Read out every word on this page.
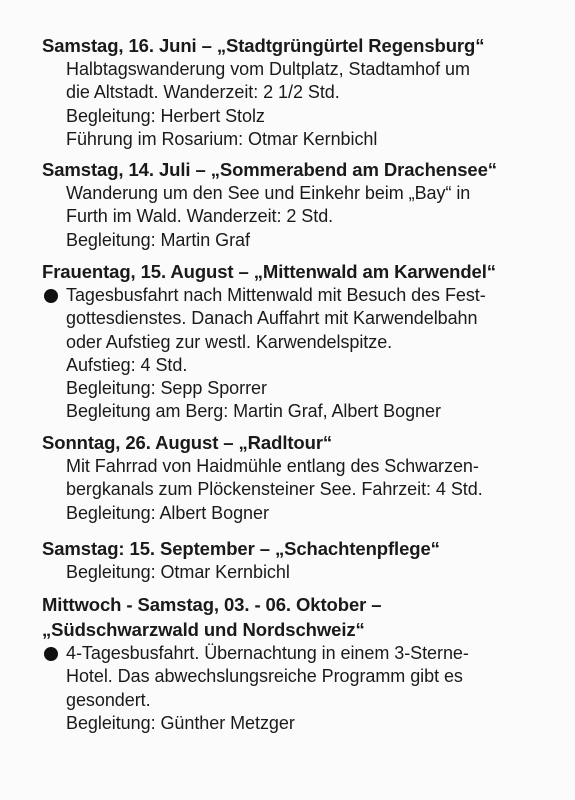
Samstag, 16. Juni – „Stadtgrüngürtel Regensburg“
Halbtagswanderung vom Dultplatz, Stadtamhof um
die Altstadt. Wanderzeit: 2 1/2 Std.
Begleitung: Herbert Stolz
Führung im Rosarium: Otmar Kernbichl
Samstag, 14. Juli – „Sommerabend am Drachensee“
Wanderung um den See und Einkehr beim „Bay“ in
Furth im Wald. Wanderzeit: 2 Std.
Begleitung: Martin Graf
Frauentag, 15. August – „Mittenwald am Karwendel“
Tagesbusfahrt nach Mittenwald mit Besuch des Fest-
gottesdienstes. Danach Auffahrt mit Karwendelbahn
oder Aufstieg zur westl. Karwendelspitze.
Aufstieg: 4 Std.
Begleitung: Sepp Sporrer
Begleitung am Berg: Martin Graf, Albert Bogner
Sonntag, 26. August – „Radltour“
Mit Fahrrad von Haidmühle entlang des Schwarzen-
bergkanals zum Plöckensteiner See. Fahrzeit: 4 Std.
Begleitung: Albert Bogner
Samstag: 15. September – „Schachtenpflege“
Begleitung: Otmar Kernbichl
Mittwoch - Samstag, 03. - 06. Oktober –
„Südschwarzwald und Nordschweiz“
4-Tagesbusfahrt. Übernachtung in einem 3-Sterne-
Hotel. Das abwechslungsreiche Programm gibt es
gesondert.
Begleitung: Günther Metzger
